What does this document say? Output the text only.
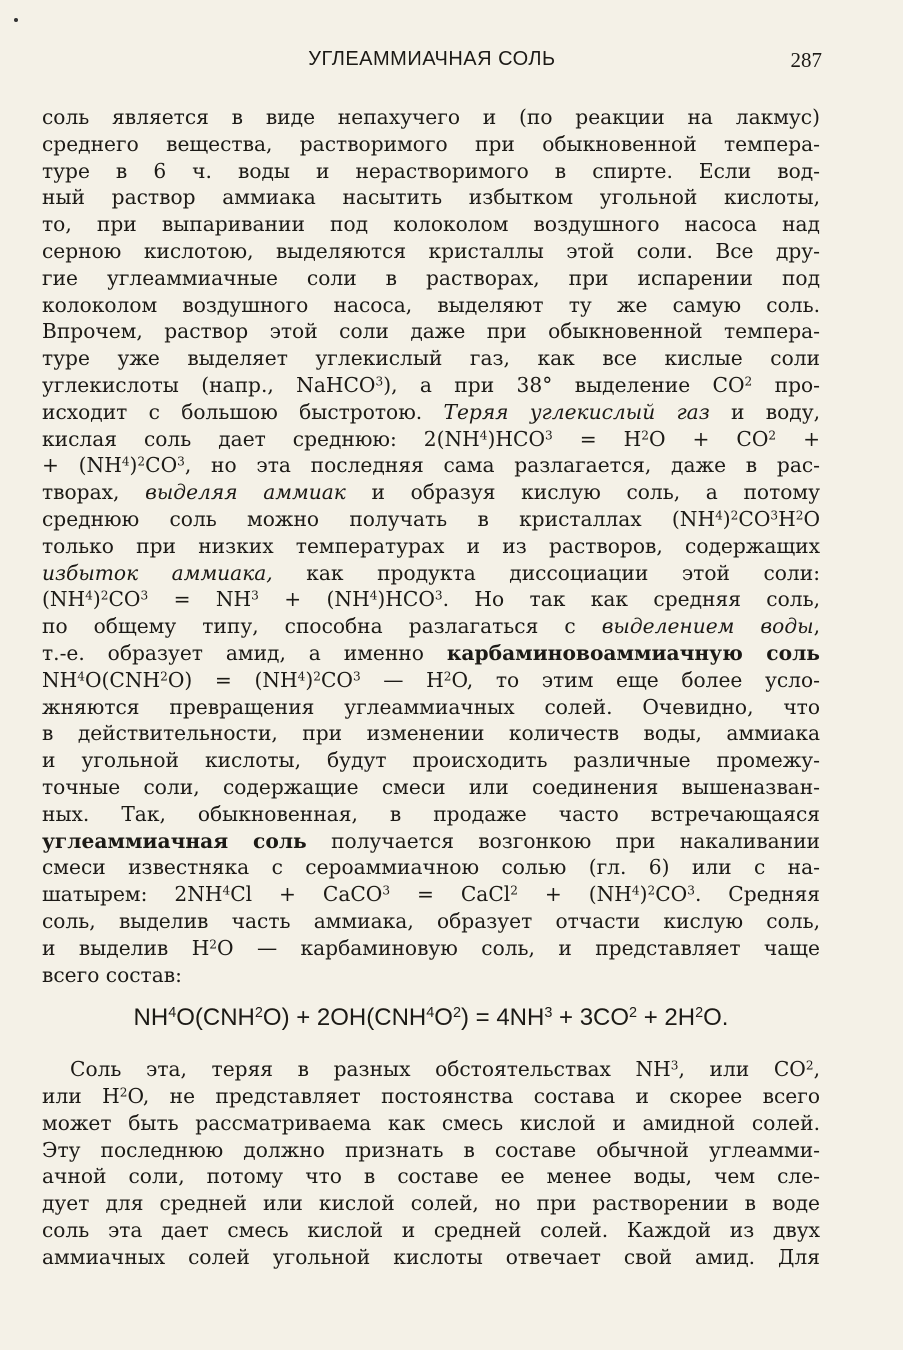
УГЛЕАММИАЧНАЯ СОЛЬ	287
соль является в виде непахучего и (по реакции на лакмус)
среднего вещества, растворимого при обыкновенной темпера-
туре в 6 ч. воды и нерастворимого в спирте. Если вод-
ный раствор аммиака насытить избытком угольной кислоты,
то, при выпаривании под колоколом воздушного насоса над
серною кислотою, выделяются кристаллы этой соли. Все дру-
гие углеаммиачные соли в растворах, при испарении под
колоколом воздушного насоса, выделяют ту же самую соль.
Впрочем, раствор этой соли даже при обыкновенной темпера-
туре уже выделяет углекислый газ, как все кислые соли
углекислоты (напр., NaHCO$^3$), а при 38° выделение $CO^2$ про-
исходит с большою быстротою. Теряя углекислый газ и воду,
кислая соль дает среднюю: $2(NH^4)HCO^3 = H^2O + CO^2$ +
+ $(NH^4)^2CO^3$, но эта последняя сама разлагается, даже в рас-
творах, выделяя аммиак и образуя кислую соль, а потому
среднюю соль можно получать в кристаллах $(NH^4)^2CO^3H^2O$
только при низких температурах и из растворов, содержащих
избыток аммиака, как продукта диссоциации этой соли:
$(NH^4)^2CO^3 = NH^3 + (NH^4)HCO^3$. Но так как средняя соль,
по общему типу, способна разлагаться с выделением воды,
т.-е. образует амид, а именно карбаминовоаммиачную соль
$NH^4O(CNH^2O) = (NH^4)^2CO^3$ — $H^2O$, то этим еще более усло-
жняются превращения углеаммиачных солей. Очевидно, что
в действительности, при изменении количеств воды, аммиака
и угольной кислоты, будут происходить различные промежу-
точные соли, содержащие смеси или соединения вышеназван-
ных. Так, обыкновенная, в продаже часто встречающаяся
углеаммиачная соль получается возгонкою при накаливании
смеси известняка с сероаммиачною солью (гл. 6) или с на-
шатырем: $2NH^4Cl$ + CaCO$^3$ = CaCl$^2$ + $(NH^4)^2CO^3$. Средняя
соль, выделив часть аммиака, образует отчасти кислую соль,
и выделив $H^2O$ — карбаминовую соль, и представляет чаще
всего состав:
$NH^4O(CNH^2O) + 2OH(CNH^4O^2) = 4NH^3 + 3CO^2 + 2H^2O$.
Соль эта, теряя в разных обстоятельствах $NH^3$, или $CO^2$,
или $H^2O$, не представляет постоянства состава и скорее всего
может быть рассматриваема как смесь кислой и амидной солей.
Эту последнюю должно признать в составе обычной углеамми-
ачной соли, потому что в составе ее менее воды, чем сле-
дует для средней или кислой солей, но при растворении в воде
соль эта дает смесь кислой и средней солей. Каждой из двух
аммиачных солей угольной кислоты отвечает свой амид. Для
